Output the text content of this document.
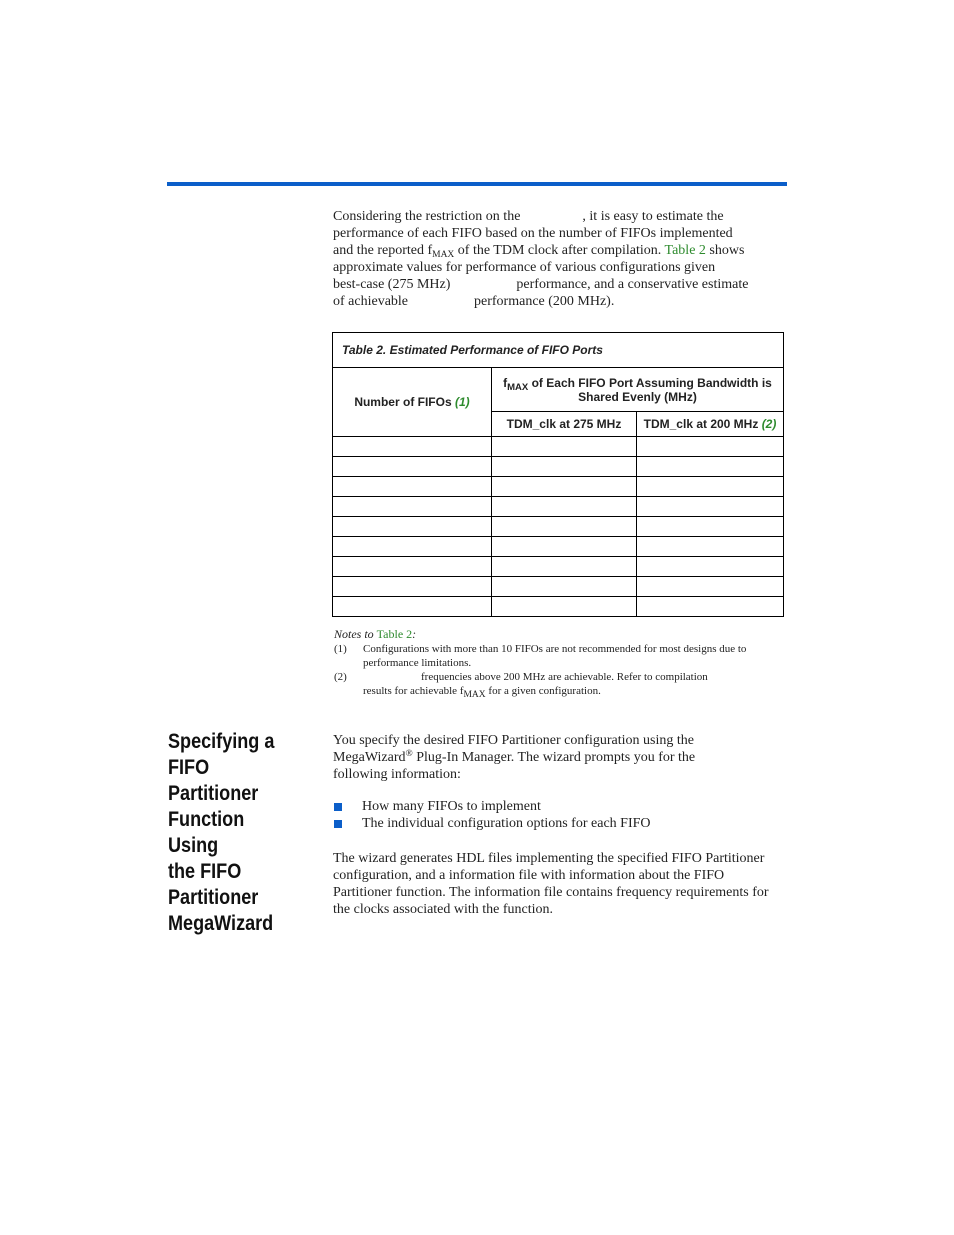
Considering the restriction on the	, it is easy to estimate the
performance of each FIFO based on the number of FIFOs implemented
and the reported $f_{MAX}$ of the TDM clock after compilation. Table 2 shows
approximate values for performance of various configurations given
best-case (275 MHz)	performance, and a conservative estimate
of achievable	performance (200 MHz).
Table 2. Estimated Performance of FIFO Ports		
Number of FIFOs (1)	$f_{MAX}$ of Each FIFO Port Assuming Bandwidth is Shared Evenly (MHz)	
	TDM_clk at 275 MHz	TDM_clk at 200 MHz (2)

Notes to Table 2:
(1)	Configurations with more than 10 FIFOs are not recommended for most designs due to performance limitations.
(2)	frequencies above 200 MHz are achievable. Refer to compilation
results for achievable $f_{MAX}$ for a given configuration.
Specifying a
FIFO
Partitioner
Function Using
the FIFO
Partitioner
MegaWizard
You specify the desired FIFO Partitioner configuration using the
MegaWizard® Plug-In Manager. The wizard prompts you for the
following information:
How many FIFOs to implement
The individual configuration options for each FIFO
The wizard generates HDL files implementing the specified FIFO Partitioner configuration, and a information file with information about the FIFO Partitioner function. The information file contains frequency requirements for the clocks associated with the function.
